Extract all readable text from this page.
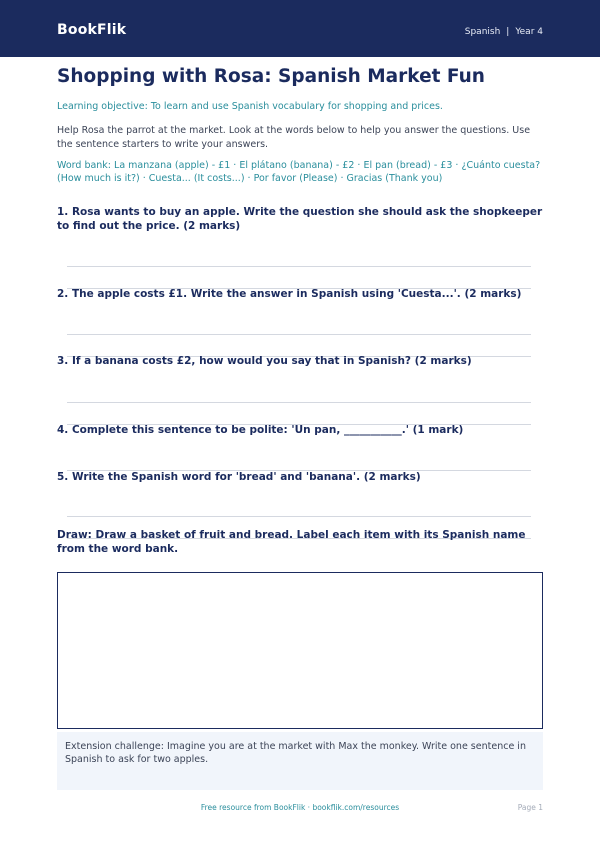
BookFlik	Spanish | Year 4
Shopping with Rosa: Spanish Market Fun
Learning objective: To learn and use Spanish vocabulary for shopping and prices.
Help Rosa the parrot at the market. Look at the words below to help you answer the questions. Use the sentence starters to write your answers.
Word bank: La manzana (apple) - £1 · El plátano (banana) - £2 · El pan (bread) - £3 · ¿Cuánto cuesta? (How much is it?) · Cuesta... (It costs...) · Por favor (Please) · Gracias (Thank you)
1. Rosa wants to buy an apple. Write the question she should ask the shopkeeper to find out the price. (2 marks)
2. The apple costs £1. Write the answer in Spanish using 'Cuesta...'. (2 marks)
3. If a banana costs £2, how would you say that in Spanish? (2 marks)
4. Complete this sentence to be polite: 'Un pan, ___________.' (1 mark)
5. Write the Spanish word for 'bread' and 'banana'. (2 marks)
Draw: Draw a basket of fruit and bread. Label each item with its Spanish name from the word bank.
Extension challenge: Imagine you are at the market with Max the monkey. Write one sentence in Spanish to ask for two apples.
Free resource from BookFlik · bookflik.com/resources	Page 1
